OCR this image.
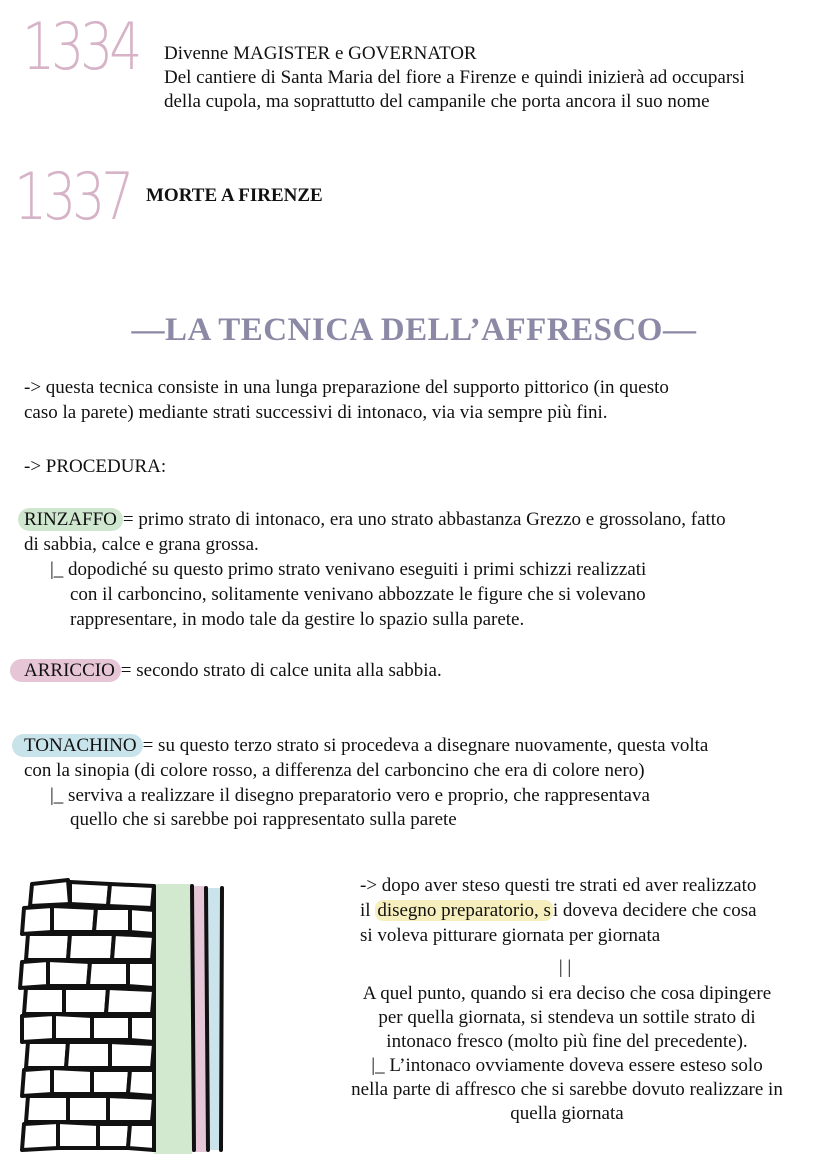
1334 Divenne MAGISTER e GOVERNATOR
Del cantiere di Santa Maria del fiore a Firenze e quindi inizierà ad occuparsi
della cupola, ma soprattutto del campanile che porta ancora il suo nome
1337 MORTE A FIRENZE
—LA TECNICA DELL’AFFRESCO—
-> questa tecnica consiste in una lunga preparazione del supporto pittorico (in questo
caso la parete) mediante strati successivi di intonaco, via via sempre più fini.
-> PROCEDURA:
RINZAFFO = primo strato di intonaco, era uno strato abbastanza Grezzo e grossolano, fatto
di sabbia, calce e grana grossa.
|_ dopodiché su questo primo strato venivano eseguiti i primi schizzi realizzati
con il carboncino, solitamente venivano abbozzate le figure che si volevano
rappresentare, in modo tale da gestire lo spazio sulla parete.
ARRICCIO = secondo strato di calce unita alla sabbia.
TONACHINO = su questo terzo strato si procedeva a disegnare nuovamente, questa volta
con la sinopia (di colore rosso, a differenza del carboncino che era di colore nero)
|_ serviva a realizzare il disegno preparatorio vero e proprio, che rappresentava
quello che si sarebbe poi rappresentato sulla parete
-> dopo aver steso questi tre strati ed aver realizzato
il disegno preparatorio, s i doveva decidere che cosa
si voleva pitturare giornata per giornata
| |
A quel punto, quando si era deciso che cosa dipingere
per quella giornata, si stendeva un sottile strato di
intonaco fresco (molto più fine del precedente).
|_ L’intonaco ovviamente doveva essere esteso solo
nella parte di affresco che si sarebbe dovuto realizzare in
quella giornata
